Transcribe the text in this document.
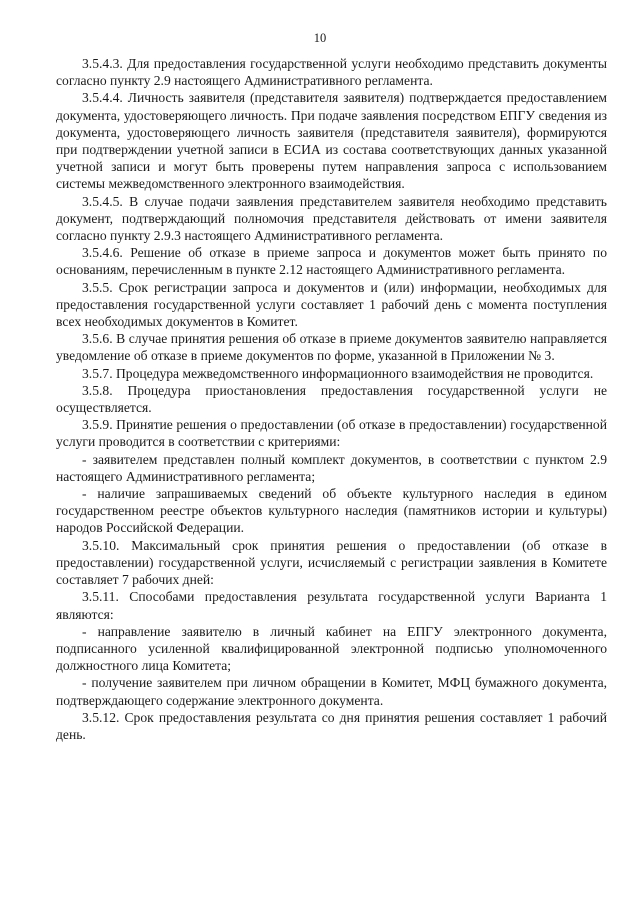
10

3.5.4.3. Для предоставления государственной услуги необходимо представить документы согласно пункту 2.9 настоящего Административного регламента.

3.5.4.4. Личность заявителя (представителя заявителя) подтверждается предоставлением документа, удостоверяющего личность. При подаче заявления посредством ЕПГУ сведения из документа, удостоверяющего личность заявителя (представителя заявителя), формируются при подтверждении учетной записи в ЕСИА из состава соответствующих данных указанной учетной записи и могут быть проверены путем направления запроса с использованием системы межведомственного электронного взаимодействия.

3.5.4.5. В случае подачи заявления представителем заявителя необходимо представить документ, подтверждающий полномочия представителя действовать от имени заявителя согласно пункту 2.9.3 настоящего Административного регламента.

3.5.4.6. Решение об отказе в приеме запроса и документов может быть принято по основаниям, перечисленным в пункте 2.12 настоящего Административного регламента.

3.5.5. Срок регистрации запроса и документов и (или) информации, необходимых для предоставления государственной услуги составляет 1 рабочий день с момента поступления всех необходимых документов в Комитет.

3.5.6. В случае принятия решения об отказе в приеме документов заявителю направляется уведомление об отказе в приеме документов по форме, указанной в Приложении № 3.

3.5.7. Процедура межведомственного информационного взаимодействия не проводится.

3.5.8. Процедура приостановления предоставления государственной услуги не осуществляется.

3.5.9. Принятие решения о предоставлении (об отказе в предоставлении) государственной услуги проводится в соответствии с критериями:

- заявителем представлен полный комплект документов, в соответствии с пунктом 2.9 настоящего Административного регламента;

- наличие запрашиваемых сведений об объекте культурного наследия в едином государственном реестре объектов культурного наследия (памятников истории и культуры) народов Российской Федерации.

3.5.10. Максимальный срок принятия решения о предоставлении (об отказе в предоставлении) государственной услуги, исчисляемый с регистрации заявления в Комитете составляет 7 рабочих дней:

3.5.11. Способами предоставления результата государственной услуги Варианта 1 являются:

- направление заявителю в личный кабинет на ЕПГУ электронного документа, подписанного усиленной квалифицированной электронной подписью уполномоченного должностного лица Комитета;

- получение заявителем при личном обращении в Комитет, МФЦ бумажного документа, подтверждающего содержание электронного документа.

3.5.12. Срок предоставления результата со дня принятия решения составляет 1 рабочий день.
